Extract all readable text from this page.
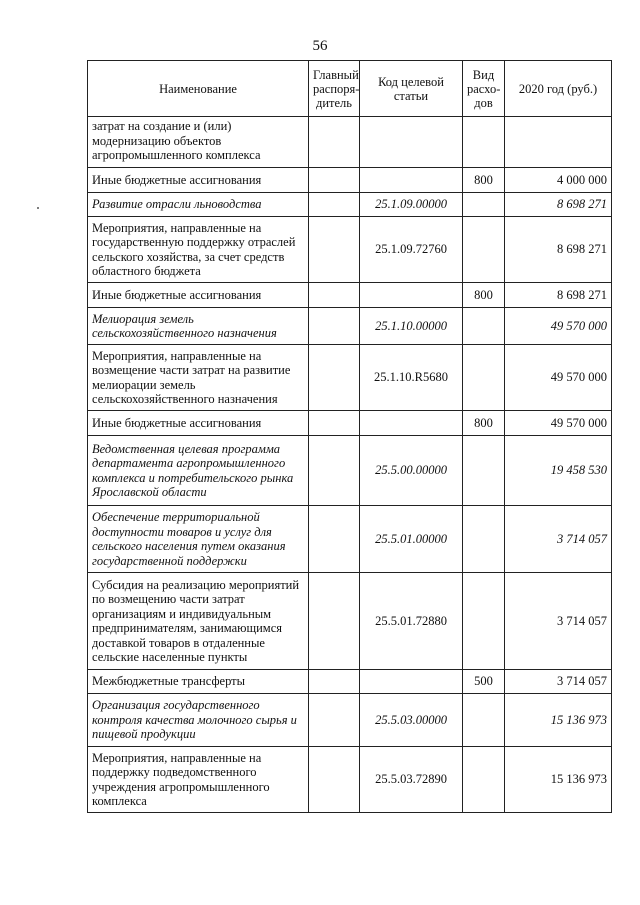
56
Наименование	Главный распоря-дитель	Код целевой статьи	Вид расхо-дов	2020 год (руб.)
затрат на создание и (или) модернизацию объектов агропромышленного комплекса				
Иные бюджетные ассигнования			800	4 000 000
Развитие отрасли льноводства		25.1.09.00000		8 698 271
Мероприятия, направленные на государственную поддержку отраслей сельского хозяйства, за счет средств областного бюджета		25.1.09.72760		8 698 271
Иные бюджетные ассигнования			800	8 698 271
Мелиорация земель сельскохозяйственного назначения		25.1.10.00000		49 570 000
Мероприятия, направленные на возмещение части затрат на развитие мелиорации земель сельскохозяйственного назначения		25.1.10.R5680		49 570 000
Иные бюджетные ассигнования			800	49 570 000
Ведомственная целевая программа департамента агропромышленного комплекса и потребительского рынка Ярославской области		25.5.00.00000		19 458 530
Обеспечение территориальной доступности товаров и услуг для сельского населения путем оказания государственной поддержки		25.5.01.00000		3 714 057
Субсидия на реализацию мероприятий по возмещению части затрат организациям и индивидуальным предпринимателям, занимающимся доставкой товаров в отдаленные сельские населенные пункты		25.5.01.72880		3 714 057
Межбюджетные трансферты			500	3 714 057
Организация государственного контроля качества молочного сырья и пищевой продукции		25.5.03.00000		15 136 973
Мероприятия, направленные на поддержку подведомственного учреждения агропромышленного комплекса		25.5.03.72890		15 136 973
